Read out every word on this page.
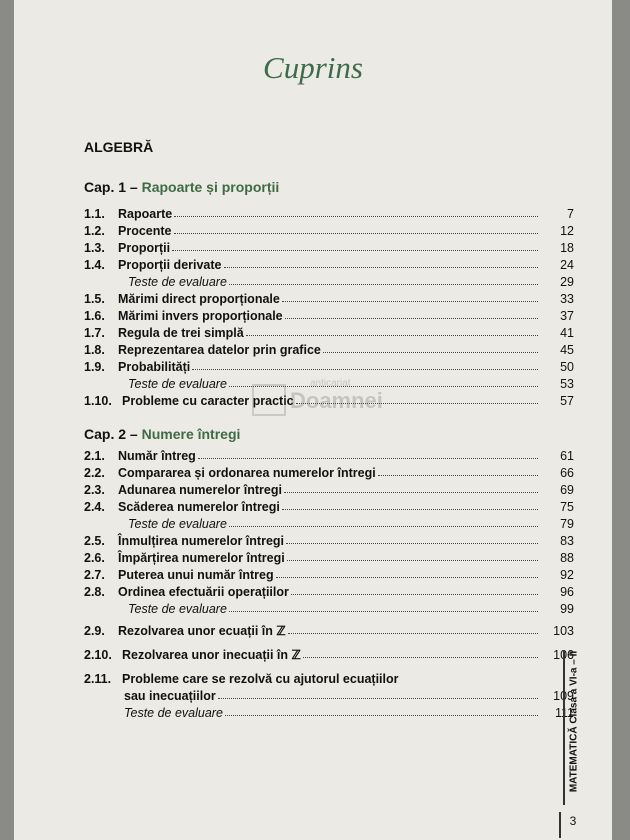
Cuprins
ALGEBRĂ
Cap. 1 – Rapoarte și proporții
1.1.	Rapoarte	7
1.2.	Procente	12
1.3.	Proporții	18
1.4.	Proporții derivate	24
Teste de evaluare	29
1.5.	Mărimi direct proporționale	33
1.6.	Mărimi invers proporționale	37
1.7.	Regula de trei simplă	41
1.8.	Reprezentarea datelor prin grafice	45
1.9.	Probabilități	50
Teste de evaluare	53
1.10. Probleme cu caracter practic	57
Cap. 2 – Numere întregi
2.1.	Număr întreg	61
2.2.	Compararea și ordonarea numerelor întregi	66
2.3.	Adunarea numerelor întregi	69
2.4.	Scăderea numerelor întregi	75
Teste de evaluare	79
2.5.	Înmulțirea numerelor întregi	83
2.6.	Împărțirea numerelor întregi	88
2.7.	Puterea unui număr întreg	92
2.8.	Ordinea efectuării operațiilor	96
Teste de evaluare	99
2.9.	Rezolvarea unor ecuații în ℤ	103
2.10. Rezolvarea unor inecuații în ℤ	106
2.11. Probleme care se rezolvă cu ajutorul ecuațiilor
sau inecuațiilor	109
Teste de evaluare	111
anticariat
Doamnei
MATEMATICĂ Clasa a VI-a – II
3
